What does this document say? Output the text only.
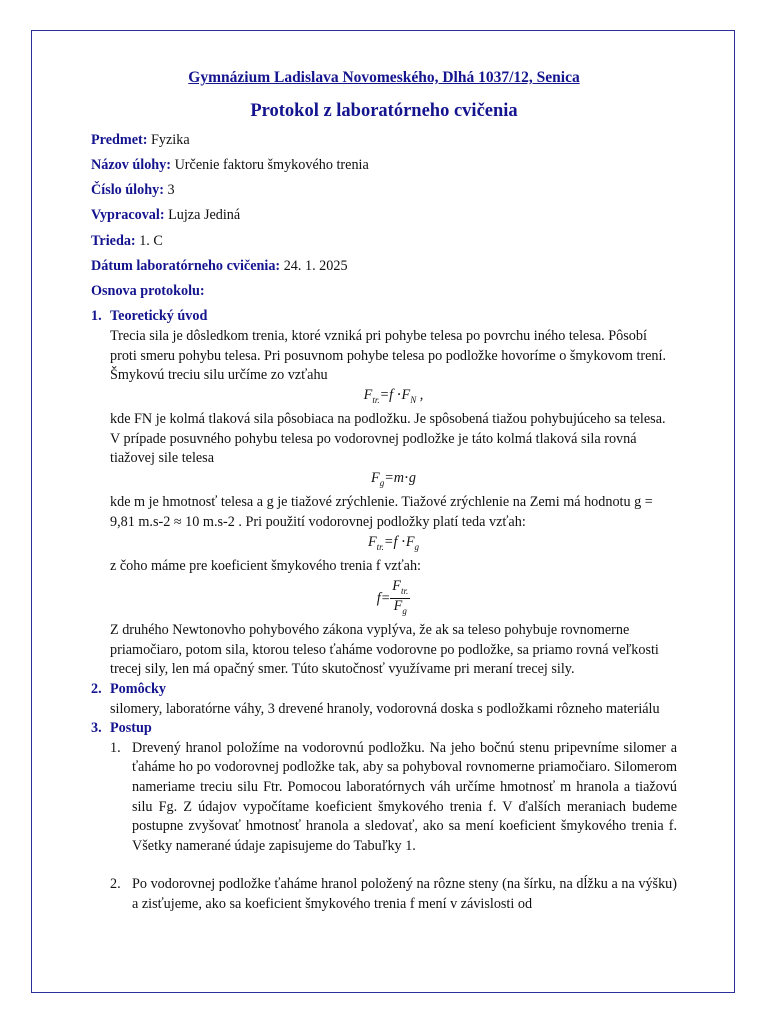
Gymnázium Ladislava Novomeského, Dlhá 1037/12, Senica

Protokol z laboratórneho cvičenia

Predmet: Fyzika

Názov úlohy: Určenie faktoru šmykového trenia

Číslo úlohy: 3

Vypracoval: Lujza Jediná

Trieda: 1. C

Dátum laboratórneho cvičenia: 24. 1. 2025

Osnova protokolu:

1. Teoretický úvod

Trecia sila je dôsledkom trenia, ktoré vzniká pri pohybe telesa po povrchu iného telesa. Pôsobí proti smeru pohybu telesa. Pri posuvnom pohybe telesa po podložke hovoríme o šmykovom trení. Šmykovú treciu silu určíme zo vzťahu

$F_{tr.}=f \cdot F_N$ ,

kde FN je kolmá tlaková sila pôsobiaca na podložku. Je spôsobená tiažou pohybujúceho sa telesa. V prípade posuvného pohybu telesa po vodorovnej podložke je táto kolmá tlaková sila rovná tiažovej sile telesa

$F_g=m\cdot g$

kde m je hmotnosť telesa a g je tiažové zrýchlenie. Tiažové zrýchlenie na Zemi má hodnotu g = 9,81 m.s-2 ≈ 10 m.s-2 . Pri použití vodorovnej podložky platí teda vzťah:

$F_{tr.}=f \cdot F_g$

z čoho máme pre koeficient šmykového trenia f vzťah:

$f= \frac{F_{tr.}}{F_g}$

Z druhého Newtonovho pohybového zákona vyplýva, že ak sa teleso pohybuje rovnomerne priamočiaro, potom sila, ktorou teleso ťaháme vodorovne po podložke, sa priamo rovná veľkosti trecej sily, len má opačný smer. Túto skutočnosť využívame pri meraní trecej sily.

2. Pomôcky

silomery, laboratórne váhy, 3 drevené hranoly, vodorovná doska s podložkami rôzneho materiálu

3. Postup
1. Drevený hranol položíme na vodorovnú podložku. Na jeho bočnú stenu pripevníme silomer a ťaháme ho po vodorovnej podložke tak, aby sa pohyboval rovnomerne priamočiaro. Silomerom nameriame treciu silu Ftr. Pomocou laboratórnych váh určíme hmotnosť m hranola a tiažovú silu Fg. Z údajov vypočítame koeficient šmykového trenia f. V ďalších meraniach budeme postupne zvyšovať hmotnosť hranola a sledovať, ako sa mení koeficient šmykového trenia f. Všetky namerané údaje zapisujeme do Tabuľky 1.
2. Po vodorovnej podložke ťaháme hranol položený na rôzne steny (na šírku, na dĺžku a na výšku) a zisťujeme, ako sa koeficient šmykového trenia f mení v závislosti od
